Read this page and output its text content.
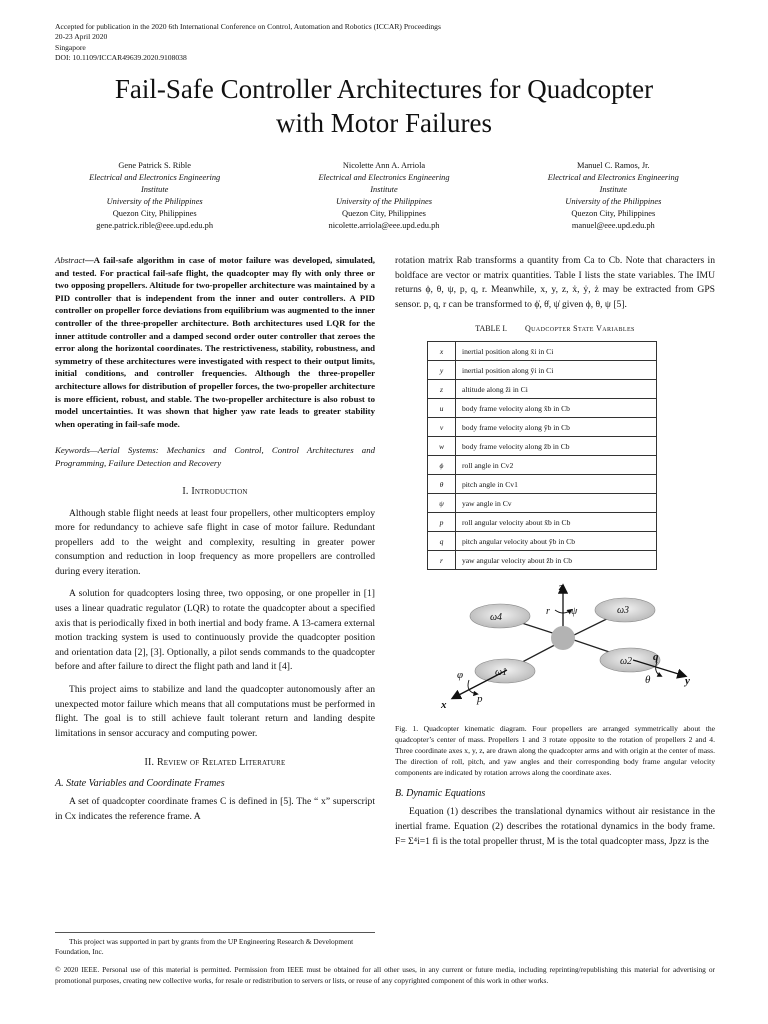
Accepted for publication in the 2020 6th International Conference on Control, Automation and Robotics (ICCAR) Proceedings
20-23 April 2020
Singapore
DOI: 10.1109/ICCAR49639.2020.9108038
Fail-Safe Controller Architectures for Quadcopter
with Motor Failures
Gene Patrick S. Rible
Electrical and Electronics Engineering
Institute
University of the Philippines
Quezon City, Philippines
gene.patrick.rible@eee.upd.edu.ph
Nicolette Ann A. Arriola
Electrical and Electronics Engineering
Institute
University of the Philippines
Quezon City, Philippines
nicolette.arriola@eee.upd.edu.ph
Manuel C. Ramos, Jr.
Electrical and Electronics Engineering
Institute
University of the Philippines
Quezon City, Philippines
manuel@eee.upd.edu.ph

Abstract—A fail-safe algorithm in case of motor failure was developed, simulated, and tested. For practical fail-safe flight, the quadcopter may fly with only three or two opposing propellers. Altitude for two-propeller architecture was maintained by a PID controller that is independent from the inner and outer controllers. A PID controller on propeller force deviations from equilibrium was augmented to the inner controller of the three-propeller architecture. Both architectures used LQR for the inner attitude controller and a damped second order outer controller that zeroes the error along the horizontal coordinates. The restrictiveness, stability, robustness, and symmetry of these architectures were investigated with respect to their output limits, initial conditions, and controller frequencies. Although the three-propeller architecture allows for distribution of propeller forces, the two-propeller architecture is more efficient, robust, and stable. The two-propeller architecture is also robust to model uncertainties. It was shown that higher yaw rate leads to greater stability when operating in fail-safe mode.

Keywords—Aerial Systems: Mechanics and Control, Control Architectures and Programming, Failure Detection and Recovery

I. Introduction

Although stable flight needs at least four propellers, other multicopters employ more for redundancy to achieve safe flight in case of motor failure. Redundant propellers add to the weight and complexity, resulting in greater power consumption and reduction in loop frequency as more propellers are controlled during every iteration.

A solution for quadcopters losing three, two opposing, or one propeller in [1] uses a linear quadratic regulator (LQR) to rotate the quadcopter about a specified axis that is periodically fixed in both inertial and body frame. A 13-camera external motion tracking system is used to continuously provide the quadcopter position and orientation data [2], [3]. Optionally, a pilot sends commands to the quadcopter before and after failure to direct the flight path and land it [4].

This project aims to stabilize and land the quadcopter autonomously after an unexpected motor failure which means that all computations must be performed in flight. The goal is to still achieve fault tolerant return and landing despite limitations in sensor accuracy and computing power.

II. Review of Related Literature
A. State Variables and Coordinate Frames

A set of quadcopter coordinate frames C is defined in [5]. The “ x” superscript in Cx indicates the reference frame. A

This project was supported in part by grants from the UP Engineering Research & Development Foundation, Inc.
© 2020 IEEE. Personal use of this material is permitted. Permission from IEEE must be obtained for all other uses, in any current or future media, including reprinting/republishing this material for advertising or promotional purposes, creating new collective works, for resale or redistribution to servers or lists, or reuse of any copyrighted component of this work in other works.

rotation matrix Rab transforms a quantity from Ca to Cb. Note that characters in boldface are vector or matrix quantities. Table I lists the state variables. The IMU returns ϕ, θ, ψ, p, q, r. Meanwhile, x, y, z, ẋ, ẏ, ż may be extracted from GPS sensor. p, q, r can be transformed to ϕ̇, θ̇, ψ̇ given ϕ, θ, ψ [5].

TABLE I. Quadcopter State Variables
x	inertial position along x̂i in Ci
y	inertial position along ŷi in Ci
z	altitude along ẑi in Ci
u	body frame velocity along x̂b in Cb
v	body frame velocity along ŷb in Cb
w	body frame velocity along ẑb in Cb
ϕ	roll angle in Cv2
θ	pitch angle in Cv1
ψ	yaw angle in Cv
p	roll angular velocity about x̂b in Cb
q	pitch angular velocity about ŷb in Cb
r	yaw angular velocity about ẑb in Cb
z
r ψ	ω3
ω4
ω2
ω1
q
θ	y
φ
x	p

Fig. 1. Quadcopter kinematic diagram. Four propellers are arranged symmetrically about the quadcopter’s center of mass. Propellers 1 and 3 rotate opposite to the rotation of propellers 2 and 4. Three coordinate axes x, y, z, are drawn along the quadcopter arms and with origin at the center of mass. The direction of roll, pitch, and yaw angles and their corresponding body frame angular velocity components are indicated by rotation arrows along the coordinate axes.

B. Dynamic Equations

Equation (1) describes the translational dynamics without air resistance in the inertial frame. Equation (2) describes the rotational dynamics in the body frame. F= Σ⁴i=1 fi is the total propeller thrust, M is the total quadcopter mass, Jpzz is the
